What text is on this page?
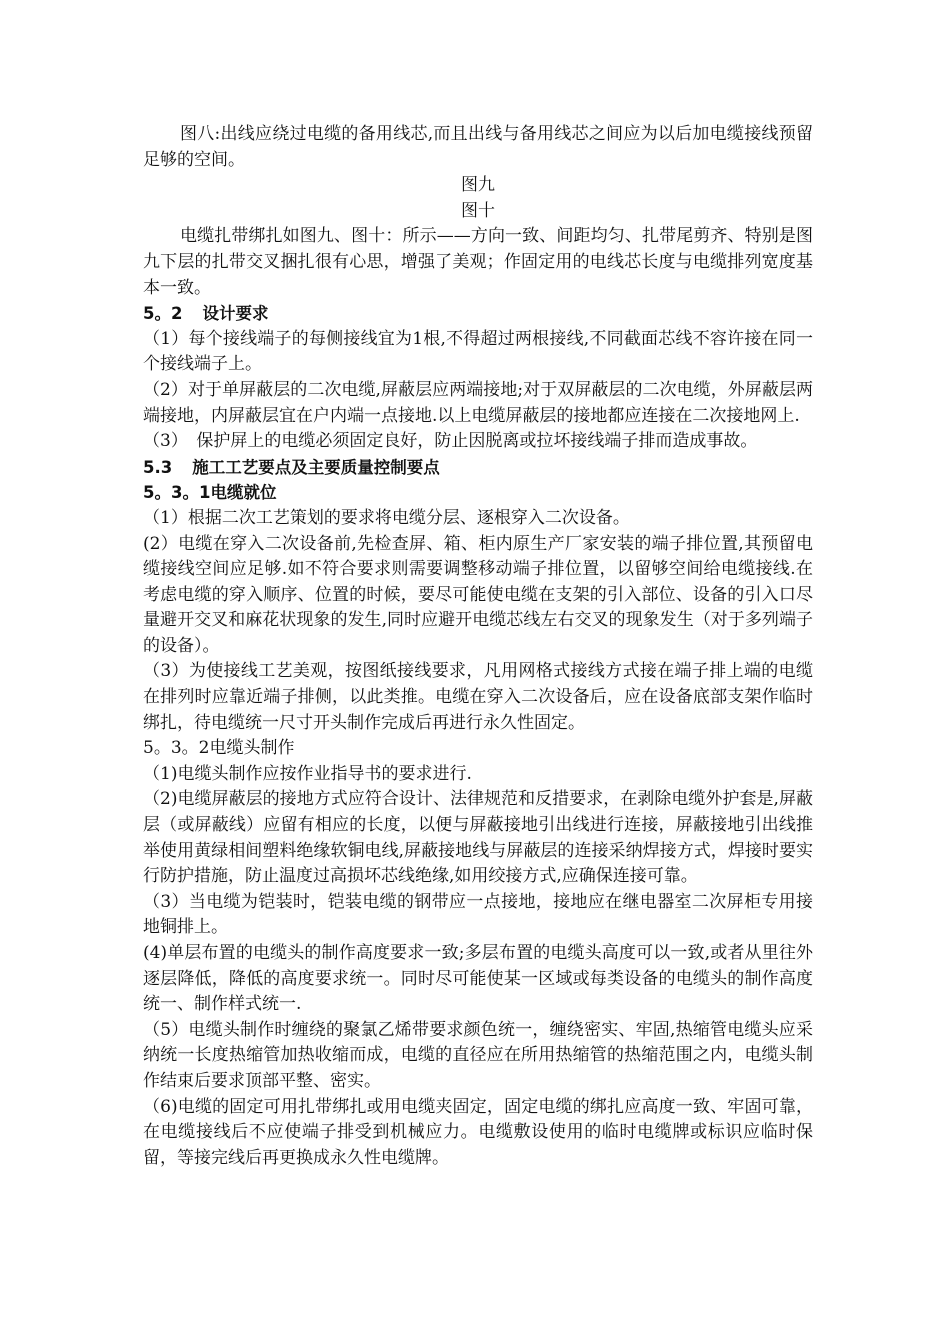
图八:出线应绕过电缆的备用线芯,而且出线与备用线芯之间应为以后加电缆接线预留足够的空间。

图九

图十

电缆扎带绑扎如图九、图十：所示——方向一致、间距均匀、扎带尾剪齐、特别是图九下层的扎带交叉捆扎很有心思，增强了美观；作固定用的电线芯长度与电缆排列宽度基本一致。

5。2 设计要求

（1）每个接线端子的每侧接线宜为1根,不得超过两根接线,不同截面芯线不容许接在同一个接线端子上。

（2）对于单屏蔽层的二次电缆,屏蔽层应两端接地;对于双屏蔽层的二次电缆，外屏蔽层两端接地，内屏蔽层宜在户内端一点接地.以上电缆屏蔽层的接地都应连接在二次接地网上.

（3）　保护屏上的电缆必须固定良好，防止因脱离或拉坏接线端子排而造成事故。

5.3 施工工艺要点及主要质量控制要点

5。3。1电缆就位

（1）根据二次工艺策划的要求将电缆分层、逐根穿入二次设备。

(2）电缆在穿入二次设备前,先检查屏、箱、柜内原生产厂家安装的端子排位置,其预留电缆接线空间应足够.如不符合要求则需要调整移动端子排位置，以留够空间给电缆接线.在考虑电缆的穿入顺序、位置的时候，要尽可能使电缆在支架的引入部位、设备的引入口尽量避开交叉和麻花状现象的发生,同时应避开电缆芯线左右交叉的现象发生（对于多列端子的设备）。

（3）为使接线工艺美观，按图纸接线要求，凡用网格式接线方式接在端子排上端的电缆在排列时应靠近端子排侧，以此类推。电缆在穿入二次设备后，应在设备底部支架作临时绑扎，待电缆统一尺寸开头制作完成后再进行永久性固定。

5。3。2电缆头制作

（1)电缆头制作应按作业指导书的要求进行.

（2)电缆屏蔽层的接地方式应符合设计、法律规范和反措要求，在剥除电缆外护套是,屏蔽层（或屏蔽线）应留有相应的长度，以便与屏蔽接地引出线进行连接，屏蔽接地引出线推举使用黄绿相间塑料绝缘软铜电线,屏蔽接地线与屏蔽层的连接采纳焊接方式，焊接时要实行防护措施，防止温度过高损坏芯线绝缘,如用绞接方式,应确保连接可靠。

（3）当电缆为铠装时，铠装电缆的钢带应一点接地，接地应在继电器室二次屏柜专用接地铜排上。

(4)单层布置的电缆头的制作高度要求一致;多层布置的电缆头高度可以一致,或者从里往外逐层降低，降低的高度要求统一。同时尽可能使某一区域或每类设备的电缆头的制作高度统一、制作样式统一.

（5）电缆头制作时缠绕的聚氯乙烯带要求颜色统一，缠绕密实、牢固,热缩管电缆头应采纳统一长度热缩管加热收缩而成，电缆的直径应在所用热缩管的热缩范围之内，电缆头制作结束后要求顶部平整、密实。

（6)电缆的固定可用扎带绑扎或用电缆夹固定，固定电缆的绑扎应高度一致、牢固可靠，在电缆接线后不应使端子排受到机械应力。电缆敷设使用的临时电缆牌或标识应临时保留，等接完线后再更换成永久性电缆牌。
